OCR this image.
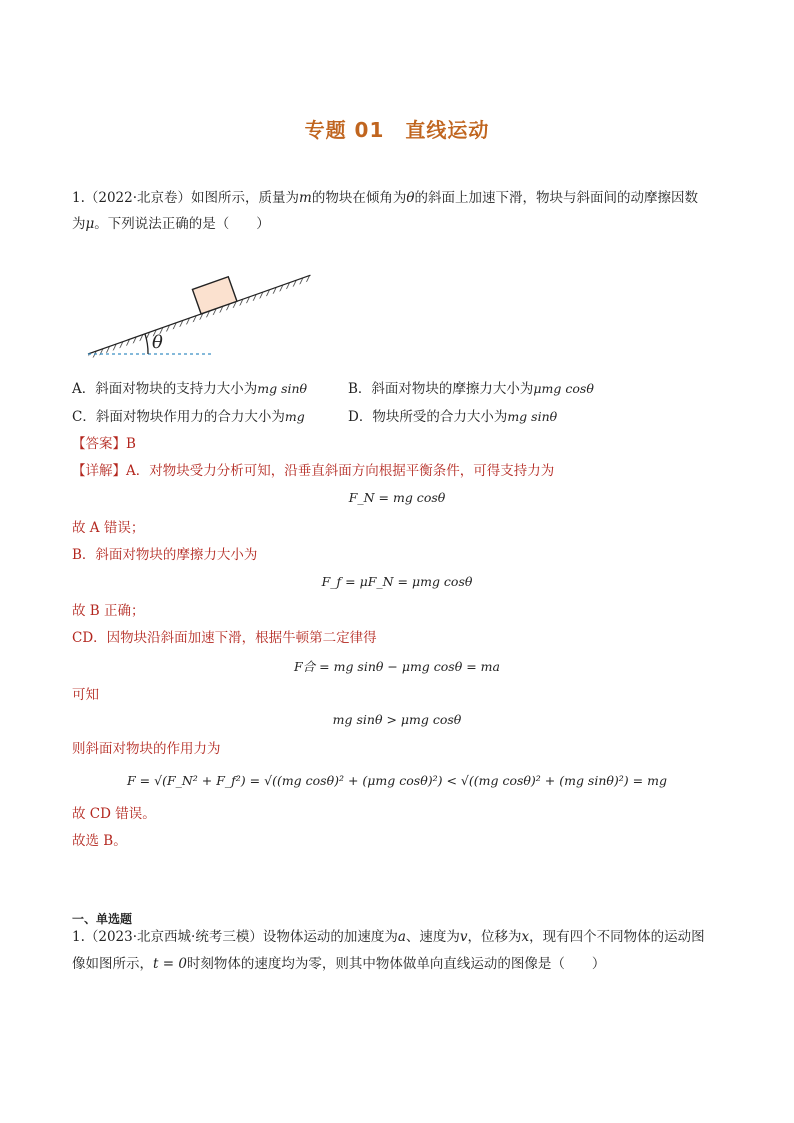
专题 01　直线运动
1.（2022·北京卷）如图所示，质量为m的物块在倾角为θ的斜面上加速下滑，物块与斜面间的动摩擦因数
为μ。下列说法正确的是（　　）
θ
A．斜面对物块的支持力大小为mg sinθ	B．斜面对物块的摩擦力大小为μmg cosθ
C．斜面对物块作用力的合力大小为mg	D．物块所受的合力大小为mg sinθ
【答案】B
【详解】A．对物块受力分析可知，沿垂直斜面方向根据平衡条件，可得支持力为
F_N = mg cosθ
故 A 错误；
B．斜面对物块的摩擦力大小为
F_f = μF_N = μmg cosθ
故 B 正确；
CD．因物块沿斜面加速下滑，根据牛顿第二定律得
F合 = mg sinθ − μmg cosθ = ma
可知
mg sinθ > μmg cosθ
则斜面对物块的作用力为
F = √(F_N² + F_f²) = √((mg cosθ)² + (μmg cosθ)²) < √((mg cosθ)² + (mg sinθ)²) = mg
故 CD 错误。
故选 B。
一、单选题
1.（2023·北京西城·统考三模）设物体运动的加速度为a、速度为v，位移为x，现有四个不同物体的运动图
像如图所示，t = 0时刻物体的速度均为零，则其中物体做单向直线运动的图像是（　　）
